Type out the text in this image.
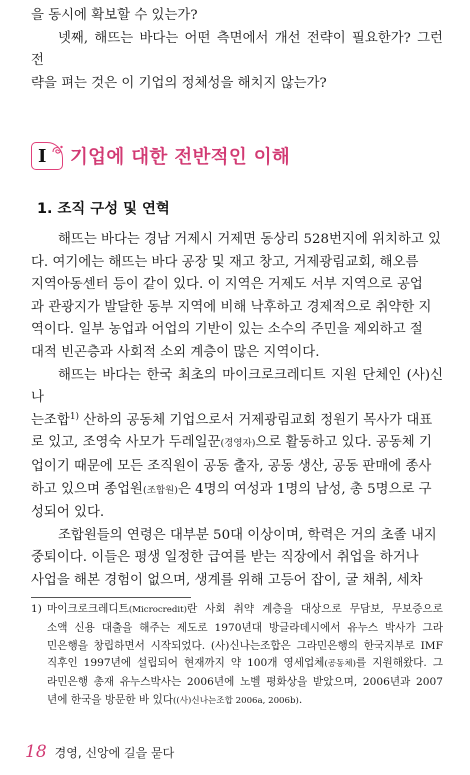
을 동시에 확보할 수 있는가?

넷째, 해뜨는 바다는 어떤 측면에서 개선 전략이 필요한가? 그런 전

략을 펴는 것은 이 기업의 정체성을 해치지 않는가?

I 기업에 대한 전반적인 이해
1. 조직 구성 및 연혁

해뜨는 바다는 경남 거제시 거제면 동상리 528번지에 위치하고 있

다. 여기에는 해뜨는 바다 공장 및 재고 창고, 거제광림교회, 해오름

지역아동센터 등이 같이 있다. 이 지역은 거제도 서부 지역으로 공업

과 관광지가 발달한 동부 지역에 비해 낙후하고 경제적으로 취약한 지

역이다. 일부 농업과 어업의 기반이 있는 소수의 주민을 제외하고 절

대적 빈곤층과 사회적 소외 계층이 많은 지역이다.

해뜨는 바다는 한국 최초의 마이크로크레디트 지원 단체인 (사)신나

는조합$^{1)}$ 산하의 공동체 기업으로서 거제광림교회 정원기 목사가 대표

로 있고, 조영숙 사모가 두레일꾼(경영자)으로 활동하고 있다. 공동체 기

업이기 때문에 모든 조직원이 공동 출자, 공동 생산, 공동 판매에 종사

하고 있으며 종업원(조합원)은 4명의 여성과 1명의 남성, 총 5명으로 구

성되어 있다.

조합원들의 연령은 대부분 50대 이상이며, 학력은 거의 초졸 내지

중퇴이다. 이들은 평생 일정한 급여를 받는 직장에서 취업을 하거나

사업을 해본 경험이 없으며, 생계를 위해 고등어 잡이, 굴 채취, 세차

1) 마이크로크레디트(Microcredit)란 사회 취약 계층을 대상으로 무담보, 무보증으로
소액 신용 대출을 해주는 제도로 1970년대 방글라데시에서 유누스 박사가 그라
민은행을 창립하면서 시작되었다. (사)신나는조합은 그라민은행의 한국지부로 IMF
직후인 1997년에 설립되어 현재까지 약 100개 영세업체(공동체)를 지원해왔다. 그
라민은행 총재 유누스박사는 2006년에 노벨 평화상을 받았으며, 2006년과 2007
년에 한국을 방문한 바 있다((사)신나는조합 2006a, 2006b).
18 경영, 신앙에 길을 묻다
